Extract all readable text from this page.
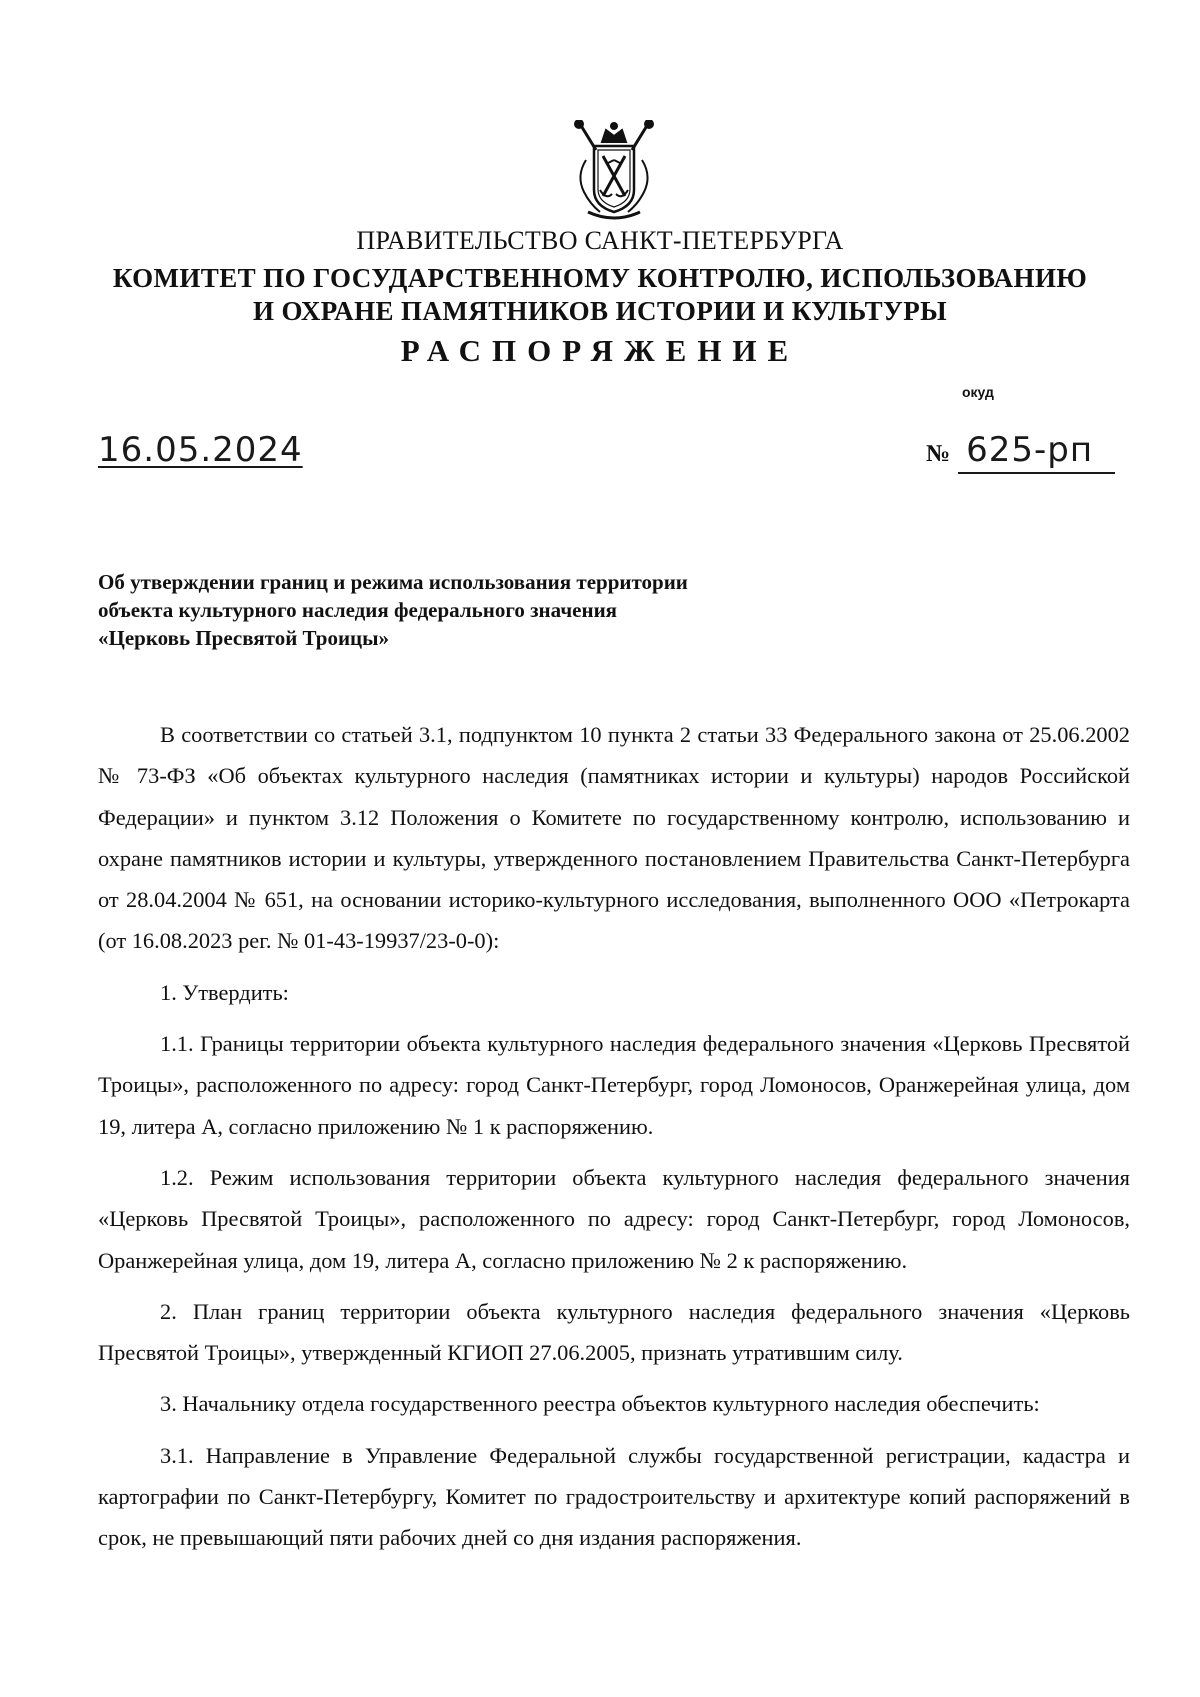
ПРАВИТЕЛЬСТВО САНКТ-ПЕТЕРБУРГА
КОМИТЕТ ПО ГОСУДАРСТВЕННОМУ КОНТРОЛЮ, ИСПОЛЬЗОВАНИЮ
И ОХРАНЕ ПАМЯТНИКОВ ИСТОРИИ И КУЛЬТУРЫ
РАСПОРЯЖЕНИЕ
окуд
16.05.2024	№ 625-рп
Об утверждении границ и режима использования территории
объекта культурного наследия федерального значения
«Церковь Пресвятой Троицы»

В соответствии со статьей 3.1, подпунктом 10 пункта 2 статьи 33 Федерального закона от 25.06.2002 № 73-ФЗ «Об объектах культурного наследия (памятниках истории и культуры) народов Российской Федерации» и пунктом 3.12 Положения о Комитете по государственному контролю, использованию и охране памятников истории и культуры, утвержденного постановлением Правительства Санкт-Петербурга от 28.04.2004 № 651, на основании историко-культурного исследования, выполненного ООО «Петрокарта (от 16.08.2023 рег. № 01-43-19937/23-0-0):

1. Утвердить:

1.1. Границы территории объекта культурного наследия федерального значения «Церковь Пресвятой Троицы», расположенного по адресу: город Санкт-Петербург, город Ломоносов, Оранжерейная улица, дом 19, литера А, согласно приложению № 1 к распоряжению.

1.2. Режим использования территории объекта культурного наследия федерального значения «Церковь Пресвятой Троицы», расположенного по адресу: город Санкт-Петербург, город Ломоносов, Оранжерейная улица, дом 19, литера А, согласно приложению № 2 к распоряжению.

2. План границ территории объекта культурного наследия федерального значения «Церковь Пресвятой Троицы», утвержденный КГИОП 27.06.2005, признать утратившим силу.

3. Начальнику отдела государственного реестра объектов культурного наследия обеспечить:

3.1. Направление в Управление Федеральной службы государственной регистрации, кадастра и картографии по Санкт-Петербургу, Комитет по градостроительству и архитектуре копий распоряжений в срок, не превышающий пяти рабочих дней со дня издания распоряжения.
